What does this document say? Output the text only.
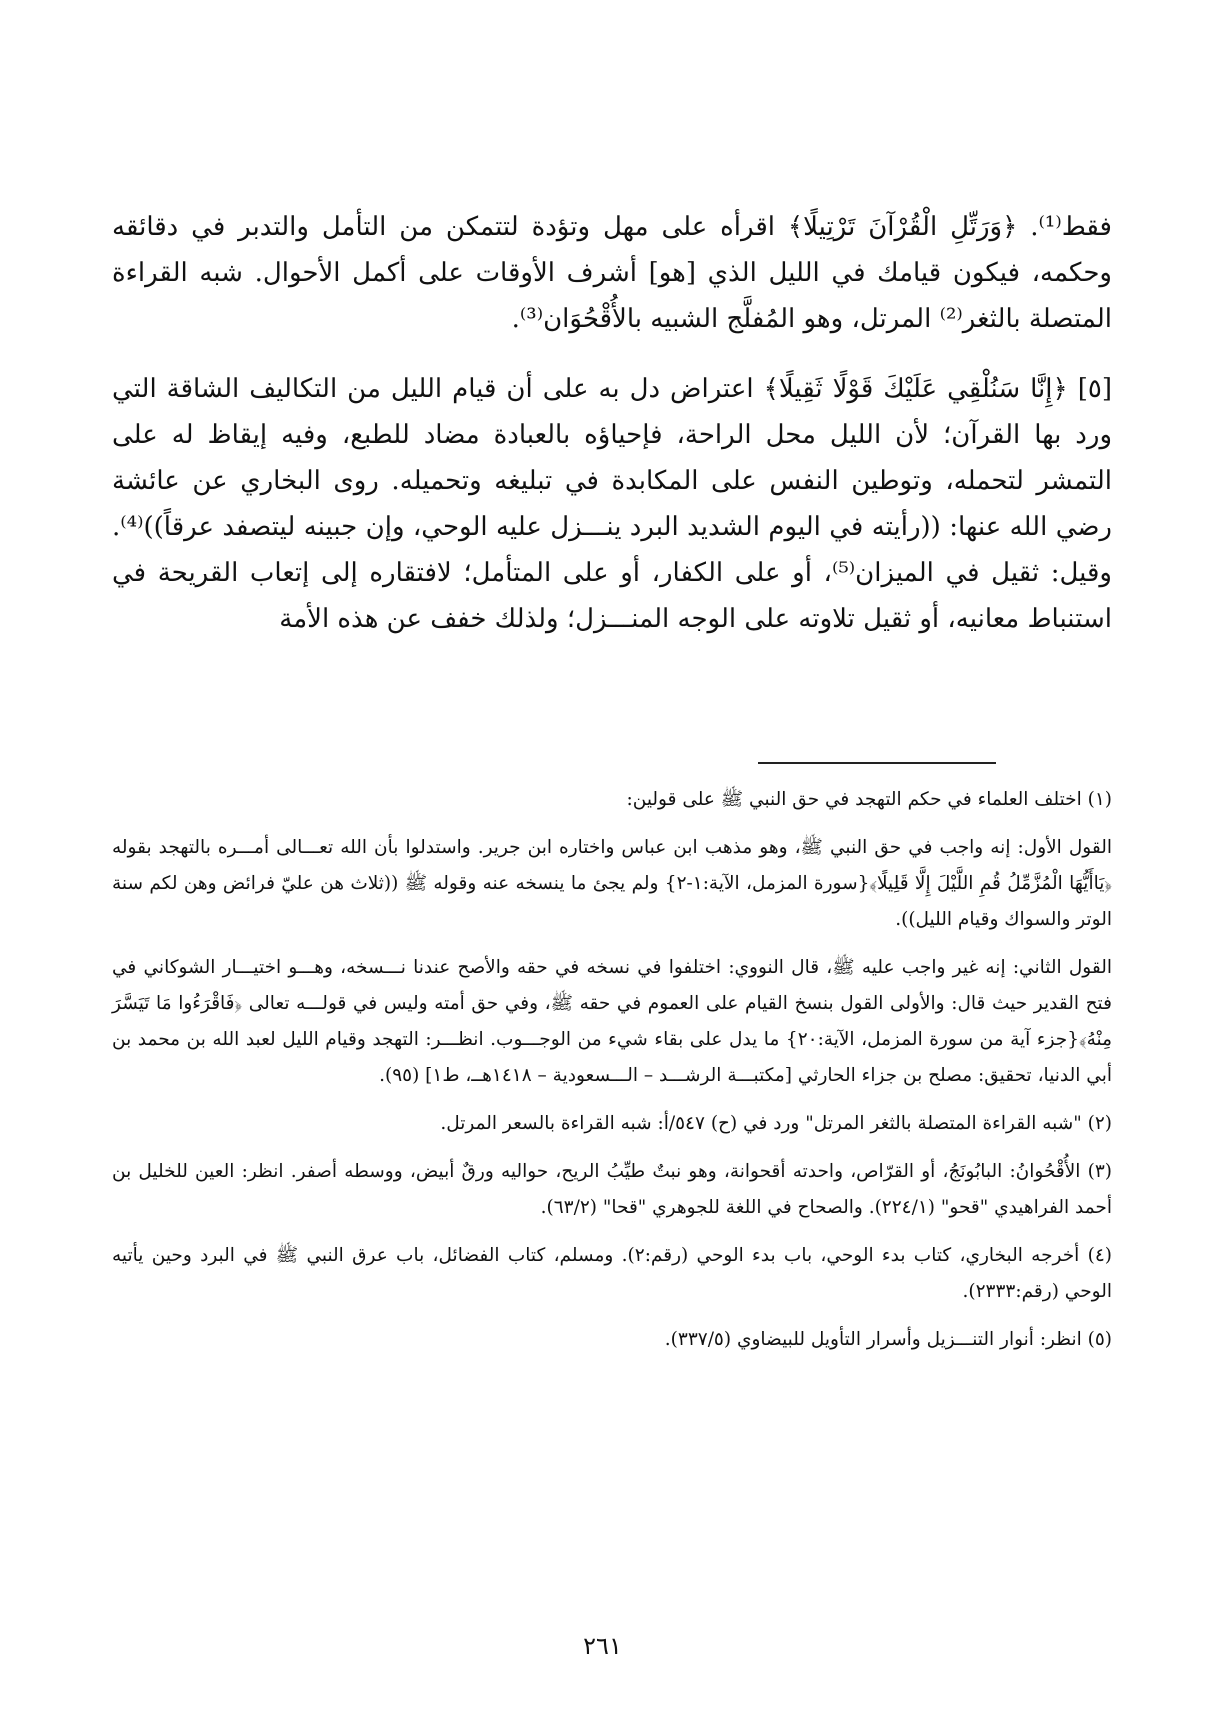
فقط⁽¹⁾. ﴿وَرَتِّلِ الْقُرْآنَ تَرْتِيلًا﴾ اقرأه على مهل وتؤدة لتتمكن من التأمل والتدبر في دقائقه وحكمه، فيكون قيامك في الليل الذي [هو] أشرف الأوقات على أكمل الأحوال. شبه القراءة المتصلة بالثغر⁽²⁾ المرتل، وهو المُفلَّج الشبيه بالأُقْحُوَان⁽³⁾.

[٥] ﴿إِنَّا سَنُلْقِي عَلَيْكَ قَوْلًا ثَقِيلًا﴾ اعتراض دل به على أن قيام الليل من التكاليف الشاقة التي ورد بها القرآن؛ لأن الليل محل الراحة، فإحياؤه بالعبادة مضاد للطبع، وفيه إيقاظ له على التمشر لتحمله، وتوطين النفس على المكابدة في تبليغه وتحميله. روى البخاري عن عائشة رضي الله عنها: ((رأيته في اليوم الشديد البرد ينـــزل عليه الوحي، وإن جبينه ليتصفد عرقاً))⁽⁴⁾. وقيل: ثقيل في الميزان⁽⁵⁾، أو على الكفار، أو على المتأمل؛ لافتقاره إلى إتعاب القريحة في استنباط معانيه، أو ثقيل تلاوته على الوجه المنـــزل؛ ولذلك خفف عن هذه الأمة

(١) اختلف العلماء في حكم التهجد في حق النبي ﷺ على قولين:

القول الأول: إنه واجب في حق النبي ﷺ، وهو مذهب ابن عباس واختاره ابن جرير. واستدلوا بأن الله تعـــالى أمـــره بالتهجد بقوله ﴿يَاأَيُّهَا الْمُزَّمِّلُ قُمِ اللَّيْلَ إِلَّا قَلِيلًا﴾{سورة المزمل، الآية:١-٢} ولم يجئ ما ينسخه عنه وقوله ﷺ ((ثلاث هن عليّ فرائض وهن لكم سنة الوتر والسواك وقيام الليل)).

القول الثاني: إنه غير واجب عليه ﷺ، قال النووي: اختلفوا في نسخه في حقه والأصح عندنا نـــسخه، وهـــو اختيـــار الشوكاني في فتح القدير حيث قال: والأولى القول بنسخ القيام على العموم في حقه ﷺ، وفي حق أمته وليس في قولـــه تعالى ﴿فَاقْرَءُوا مَا تَيَسَّرَ مِنْهُ﴾{جزء آية من سورة المزمل، الآية:٢٠} ما يدل على بقاء شيء من الوجـــوب. انظـــر: التهجد وقيام الليل لعبد الله بن محمد بن أبي الدنيا، تحقيق: مصلح بن جزاء الحارثي [مكتبـــة الرشـــد – الـــسعودية – ١٤١٨هــ، ط١] (٩٥).

(٢) "شبه القراءة المتصلة بالثغر المرتل" ورد في (ح) ٥٤٧/أ: شبه القراءة بالسعر المرتل.

(٣) الأُقْحُوانُ: البابُونَجُ، أو القرّاص، واحدته أقحوانة، وهو نبتٌ طيِّبُ الريح، حواليه ورقٌ أبيض، ووسطه أصفر. انظر: العين للخليل بن أحمد الفراهيدي "قحو" (٢٢٤/١). والصحاح في اللغة للجوهري "قحا" (٦٣/٢).

(٤) أخرجه البخاري، كتاب بدء الوحي، باب بدء الوحي (رقم:٢). ومسلم، كتاب الفضائل، باب عرق النبي ﷺ في البرد وحين يأتيه الوحي (رقم:٢٣٣٣).

(٥) انظر: أنوار التنـــزيل وأسرار التأويل للبيضاوي (٣٣٧/٥).

٢٦١
